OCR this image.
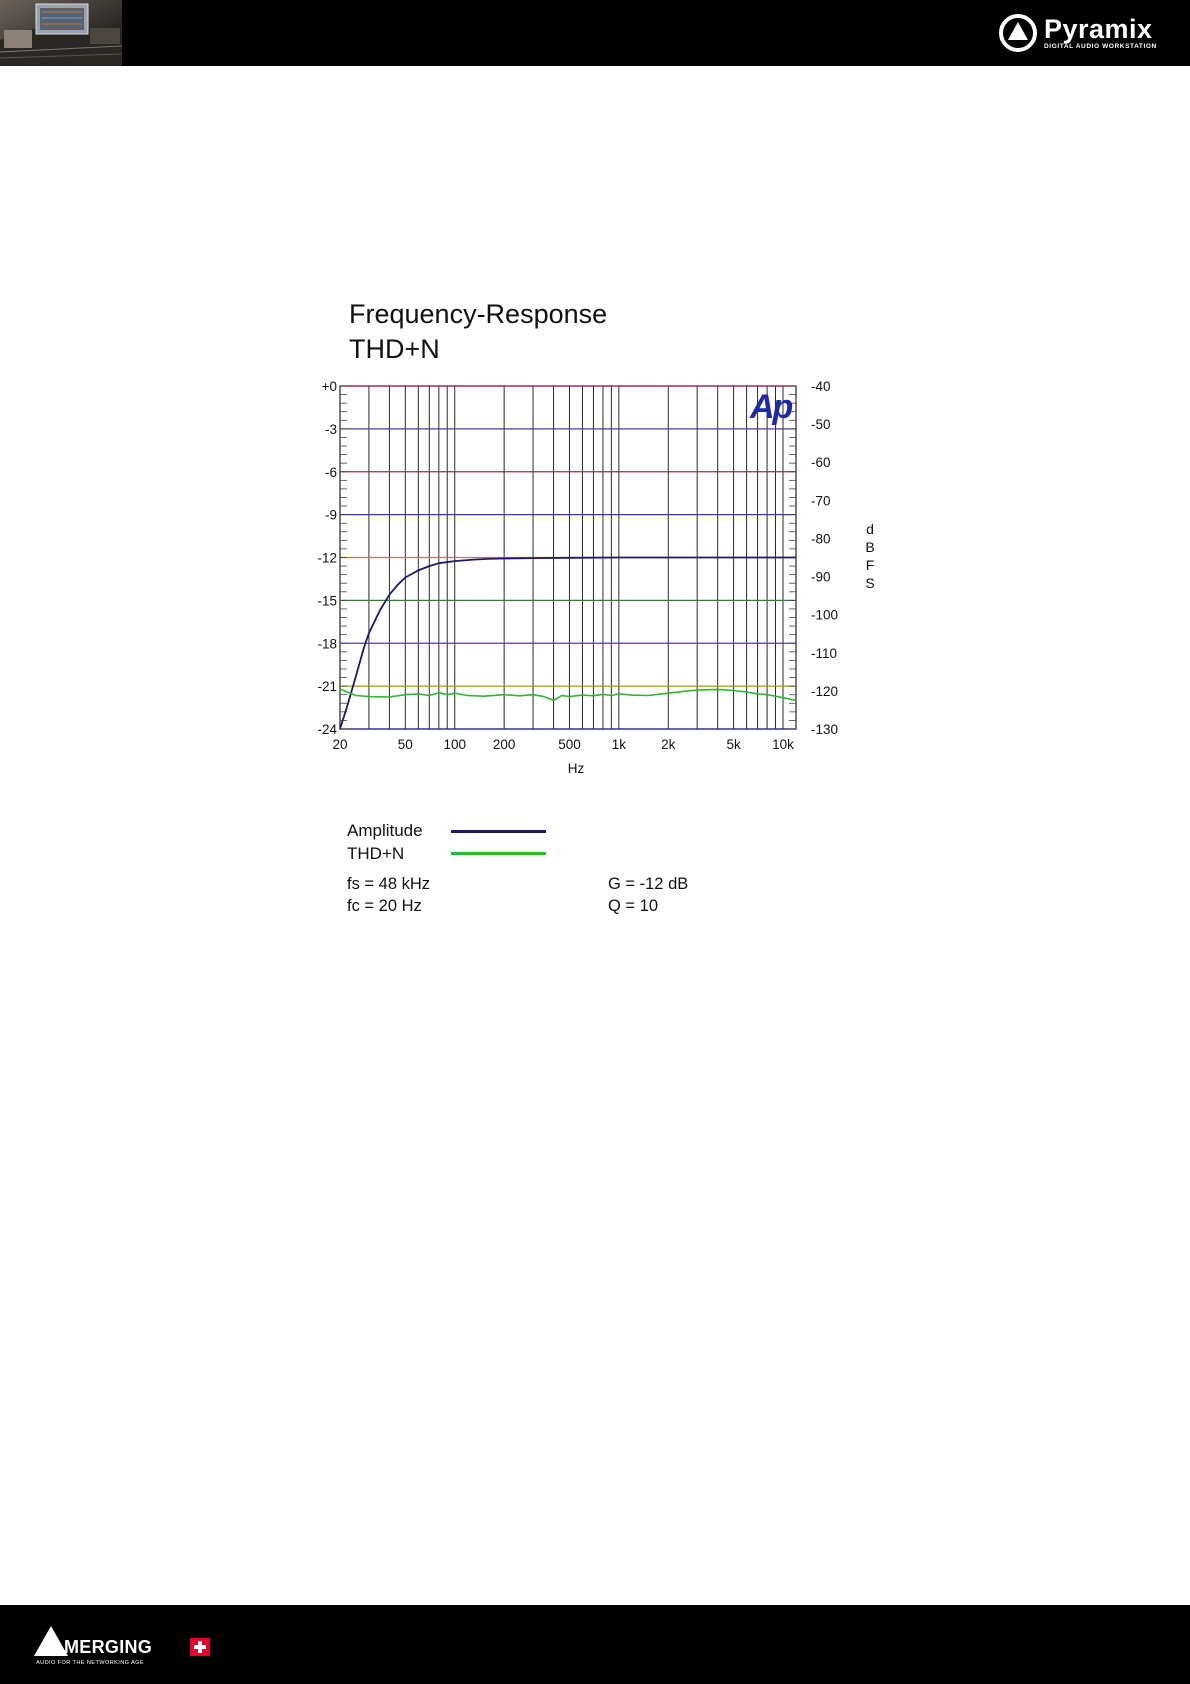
Pyramix
DIGITAL AUDIO WORKSTATION
Frequency-Response
THD+N
+0
-3
-6
-9
-12
-15
-18
-21
-24
-40
-50
-60
-70
-80
-90
-100
-110
-120
-130
20	50 100 200	500 1k	2k	5k 10k
Hz
d
B
F
S
Ap
Amplitude
THD+N
fs = 48 kHz
fc = 20 Hz
G = -12 dB
Q = 10
MERGING
AUDIO FOR THE NETWORKING AGE
